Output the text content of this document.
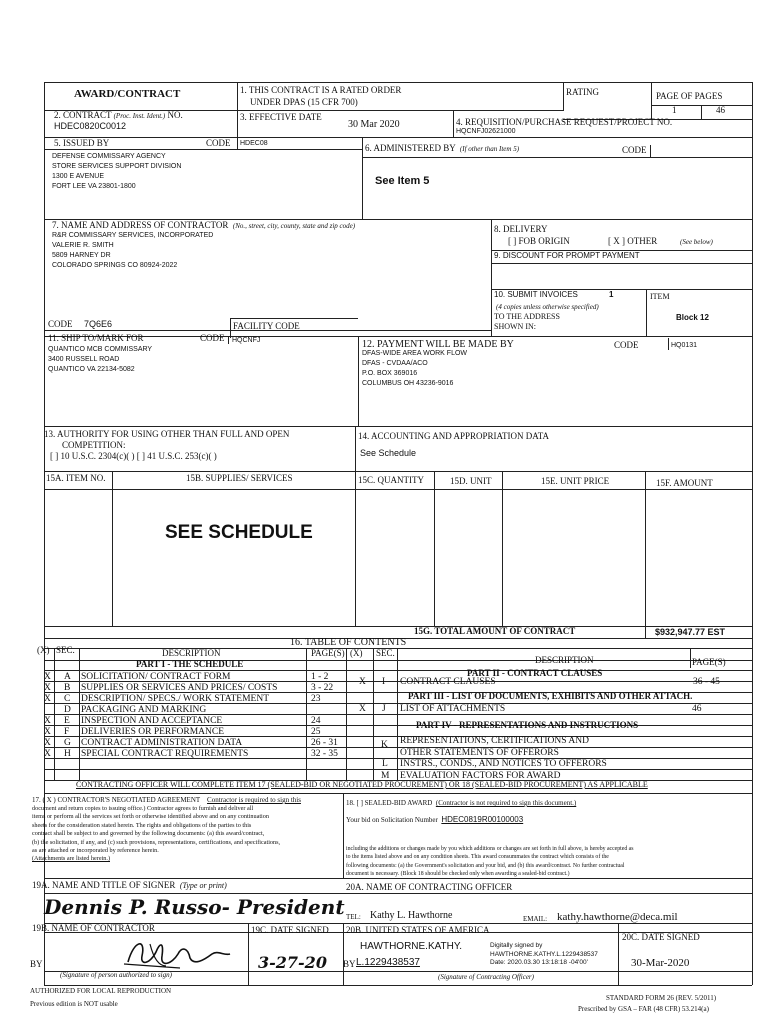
AWARD/CONTRACT	1. THIS CONTRACT IS A RATED ORDER
UNDER DPAS (15 CFR 700)
RATING	PAGE OF PAGES
1	46
2. CONTRACT (Proc. Inst. Ident.) NO.
HDEC0820C0012
3. EFFECTIVE DATE
30 Mar 2020	4. REQUISITION/PURCHASE REQUEST/PROJECT NO.
HQCNFJ02621000
5. ISSUED BY	CODE HDEC08
DEFENSE COMMISSARY AGENCY
STORE SERVICES SUPPORT DIVISION
1300 E AVENUE
FORT LEE VA 23801-1800
6. ADMINISTERED BY (If other than Item 5)	CODE
See Item 5
7. NAME AND ADDRESS OF CONTRACTOR (No., street, city, county, state and zip code)
R&R COMMISSARY SERVICES, INCORPORATED
VALERIE R. SMITH
5809 HARNEY DR
COLORADO SPRINGS CO 80924-2022
8. DELIVERY
[ ] FOB ORIGIN	[ X ] OTHER	(See below)
9. DISCOUNT FOR PROMPT PAYMENT
10. SUBMIT INVOICES	1
(4 copies unless otherwise specified)
TO THE ADDRESS
SHOWN IN:
ITEM
Block 12
CODE 7Q6E6	FACILITY CODE
11. SHIP TO/MARK FOR	CODE HQCNFJ
QUANTICO MCB COMMISSARY
3400 RUSSELL ROAD
QUANTICO VA 22134-5082
12. PAYMENT WILL BE MADE BY	CODE	HQ0131
DFAS-WIDE AREA WORK FLOW
DFAS - CVDAA/ACO
P.O. BOX 369016
COLUMBUS OH 43236-9016
13. AUTHORITY FOR USING OTHER THAN FULL AND OPEN
COMPETITION:
[ ] 10 U.S.C. 2304(c)( ) [ ] 41 U.S.C. 253(c)( )
14. ACCOUNTING AND APPROPRIATION DATA
See Schedule
15A. ITEM NO.	15B. SUPPLIES/ SERVICES	15C. QUANTITY	15D. UNIT	15E. UNIT PRICE	15F. AMOUNT
SEE SCHEDULE
15G. TOTAL AMOUNT OF CONTRACT	$932,947.77 EST
16. TABLE OF CONTENTS
(X) SEC.	DESCRIPTION	PAGE(S) (X) SEC.
DESCRIPTION	PAGE(S)
PART I - THE SCHEDULE
PART II - CONTRACT CLAUSES
X A SOLICITATION/ CONTRACT FORM	1 - 2
X B SUPPLIES OR SERVICES AND PRICES/ COSTS	3 - 22
X C DESCRIPTION/ SPECS./ WORK STATEMENT	23
D PACKAGING AND MARKING
X E INSPECTION AND ACCEPTANCE	24
X F DELIVERIES OR PERFORMANCE	25
X G CONTRACT ADMINISTRATION DATA	26 - 31
X H SPECIAL CONTRACT REQUIREMENTS	32 - 35
X I CONTRACT CLAUSES	36 - 45
PART III - LIST OF DOCUMENTS, EXHIBITS AND OTHER ATTACH.
X J LIST OF ATTACHMENTS	46
PART IV - REPRESENTATIONS AND INSTRUCTIONS
K REPRESENTATIONS, CERTIFICATIONS AND
OTHER STATEMENTS OF OFFERORS
L INSTRS., CONDS., AND NOTICES TO OFFERORS
M EVALUATION FACTORS FOR AWARD
CONTRACTING OFFICER WILL COMPLETE ITEM 17 (SEALED-BID OR NEGOTIATED PROCUREMENT) OR 18 (SEALED-BID PROCUREMENT) AS APPLICABLE
17. ( X ) CONTRACTOR'S NEGOTIATED AGREEMENT Contractor is required to sign this
document and return copies to issuing office.) Contractor agrees to furnish and deliver all
items or perform all the services set forth or otherwise identified above and on any continuation
sheets for the consideration stated herein. The rights and obligations of the parties to this
contract shall be subject to and governed by the following documents: (a) this award/contract,
(b) the solicitation, if any, and (c) such provisions, representations, certifications, and specifications,
as are attached or incorporated by reference herein.
(Attachments are listed herein.)
18. [ ] SEALED-BID AWARD (Contractor is not required to sign this document.)
Your bid on Solicitation Number HDEC0819R00100003
including the additions or changes made by you which additions or changes are set forth in full above, is hereby accepted as
to the items listed above and on any condition sheets. This award consummates the contract which consists of the
following documents: (a) the Government's solicitation and your bid, and (b) this award/contract. No further contractual
document is necessary. (Block 18 should be checked only when awarding a sealed-bid contract.)
19A. NAME AND TITLE OF SIGNER (Type or print)
Dennis P. Russo- President
20A. NAME OF CONTRACTING OFFICER
TEL: Kathy L. Hawthorne	EMAIL: kathy.hawthorne@deca.mil
19B. NAME OF CONTRACTOR	19C. DATE SIGNED 20B. UNITED STATES OF AMERICA
20C. DATE SIGNED
BY	3-27-20
HAWTHORNE.KATHY.
BY L.1229438537
Digitally signed by
HAWTHORNE.KATHY.L.1229438537
Date: 2020.03.30 13:18:18 -04'00'	30-Mar-2020
(Signature of person authorized to sign)	(Signature of Contracting Officer)
AUTHORIZED FOR LOCAL REPRODUCTION
Previous edition is NOT usable
STANDARD FORM 26 (REV. 5/2011)
Prescribed by GSA – FAR (48 CFR) 53.214(a)
